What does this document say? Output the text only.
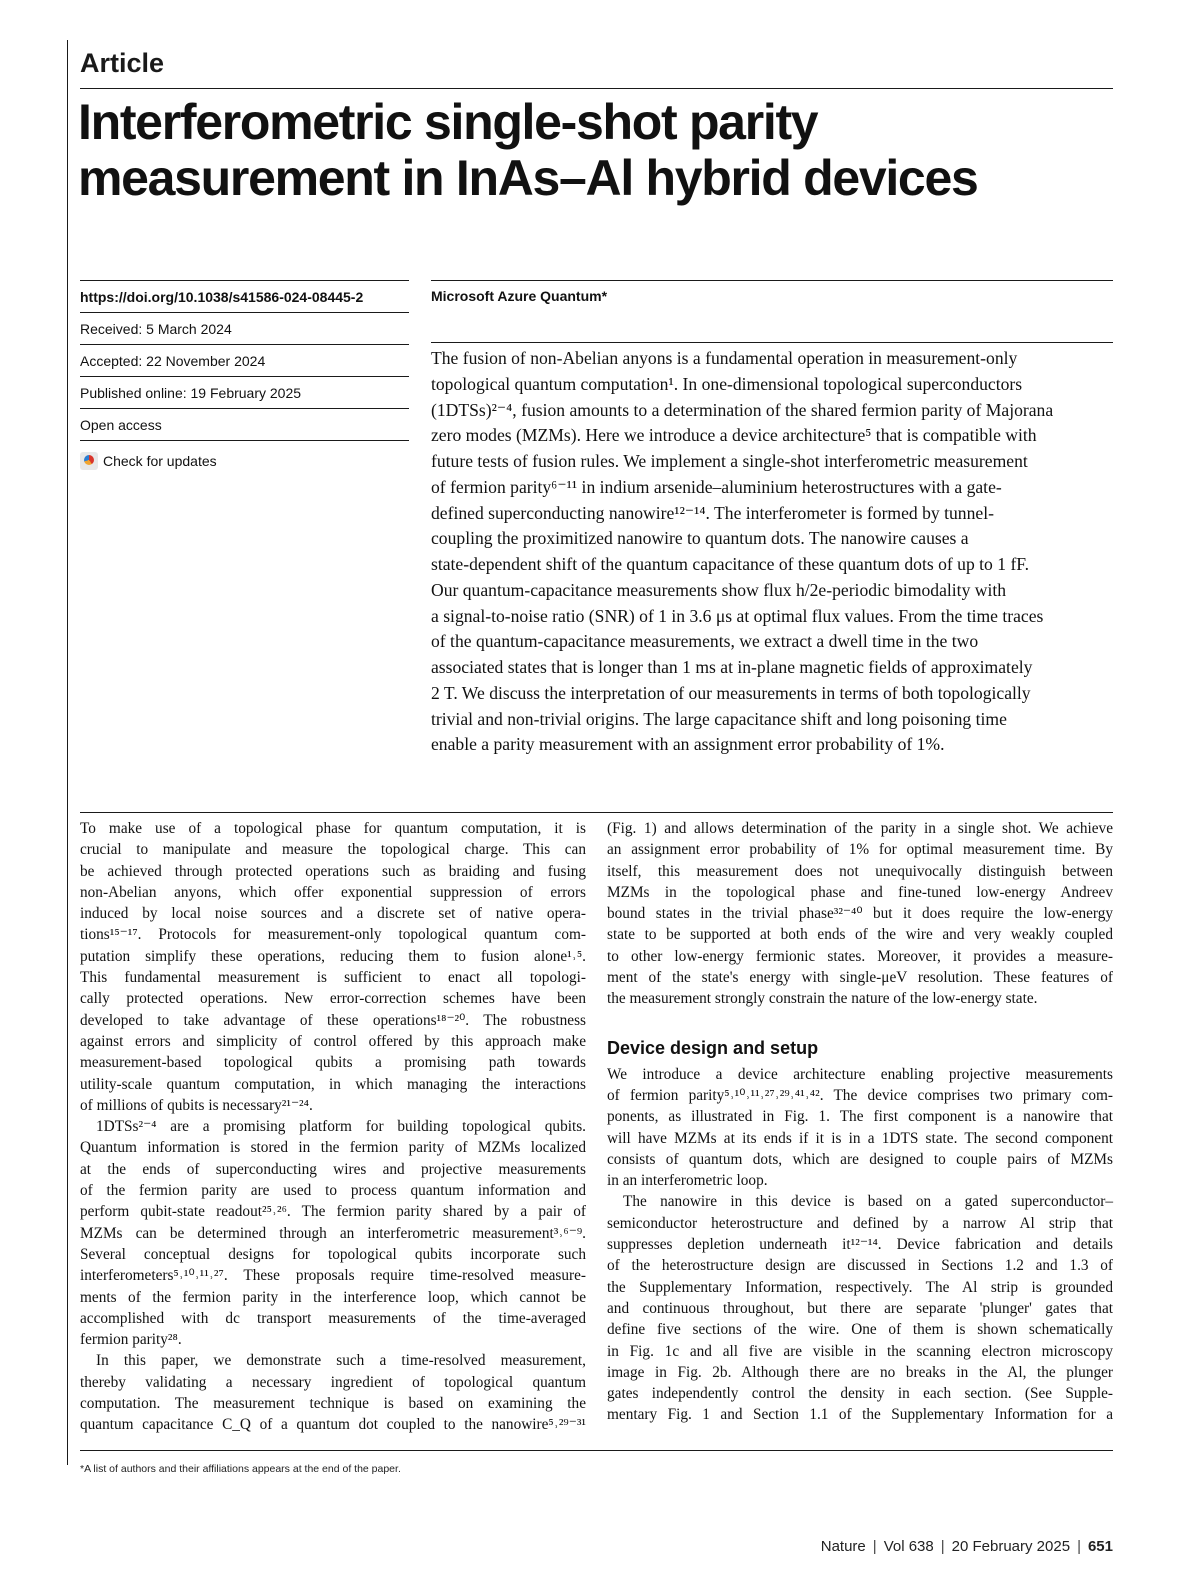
Article
Interferometric single-shot parity
measurement in InAs–Al hybrid devices
https://doi.org/10.1038/s41586-024-08445-2
Received: 5 March 2024
Accepted: 22 November 2024
Published online: 19 February 2025
Open access
Check for updates
Microsoft Azure Quantum*
The fusion of non-Abelian anyons is a fundamental operation in measurement-only
topological quantum computation¹. In one-dimensional topological superconductors
(1DTSs)²⁻⁴, fusion amounts to a determination of the shared fermion parity of Majorana
zero modes (MZMs). Here we introduce a device architecture⁵ that is compatible with
future tests of fusion rules. We implement a single-shot interferometric measurement
of fermion parity⁶⁻¹¹ in indium arsenide–aluminium heterostructures with a gate-
defined superconducting nanowire¹²⁻¹⁴. The interferometer is formed by tunnel-
coupling the proximitized nanowire to quantum dots. The nanowire causes a
state-dependent shift of the quantum capacitance of these quantum dots of up to 1 fF.
Our quantum-capacitance measurements show flux h/2e-periodic bimodality with
a signal-to-noise ratio (SNR) of 1 in 3.6 μs at optimal flux values. From the time traces
of the quantum-capacitance measurements, we extract a dwell time in the two
associated states that is longer than 1 ms at in-plane magnetic fields of approximately
2 T. We discuss the interpretation of our measurements in terms of both topologically
trivial and non-trivial origins. The large capacitance shift and long poisoning time
enable a parity measurement with an assignment error probability of 1%.
To make use of a topological phase for quantum computation, it is
crucial to manipulate and measure the topological charge. This can
be achieved through protected operations such as braiding and fusing
non-Abelian anyons, which offer exponential suppression of errors
induced by local noise sources and a discrete set of native opera-
tions¹⁵⁻¹⁷. Protocols for measurement-only topological quantum com-
putation simplify these operations, reducing them to fusion alone¹˒⁵.
This fundamental measurement is sufficient to enact all topologi-
cally protected operations. New error-correction schemes have been
developed to take advantage of these operations¹⁸⁻²⁰. The robustness
against errors and simplicity of control offered by this approach make
measurement-based topological qubits a promising path towards
utility-scale quantum computation, in which managing the interactions
of millions of qubits is necessary²¹⁻²⁴.
1DTSs²⁻⁴ are a promising platform for building topological qubits.
Quantum information is stored in the fermion parity of MZMs localized
at the ends of superconducting wires and projective measurements
of the fermion parity are used to process quantum information and
perform qubit-state readout²⁵˒²⁶. The fermion parity shared by a pair of
MZMs can be determined through an interferometric measurement³˒⁶⁻⁹.
Several conceptual designs for topological qubits incorporate such
interferometers⁵˒¹⁰˒¹¹˒²⁷. These proposals require time-resolved measure-
ments of the fermion parity in the interference loop, which cannot be
accomplished with dc transport measurements of the time-averaged
fermion parity²⁸.
In this paper, we demonstrate such a time-resolved measurement,
thereby validating a necessary ingredient of topological quantum
computation. The measurement technique is based on examining the
quantum capacitance C_Q of a quantum dot coupled to the nanowire⁵˒²⁹⁻³¹
(Fig. 1) and allows determination of the parity in a single shot. We achieve
an assignment error probability of 1% for optimal measurement time. By
itself, this measurement does not unequivocally distinguish between
MZMs in the topological phase and fine-tuned low-energy Andreev
bound states in the trivial phase³²⁻⁴⁰ but it does require the low-energy
state to be supported at both ends of the wire and very weakly coupled
to other low-energy fermionic states. Moreover, it provides a measure-
ment of the state's energy with single-μeV resolution. These features of
the measurement strongly constrain the nature of the low-energy state.
Device design and setup
We introduce a device architecture enabling projective measurements
of fermion parity⁵˒¹⁰˒¹¹˒²⁷˒²⁹˒⁴¹˒⁴². The device comprises two primary com-
ponents, as illustrated in Fig. 1. The first component is a nanowire that
will have MZMs at its ends if it is in a 1DTS state. The second component
consists of quantum dots, which are designed to couple pairs of MZMs
in an interferometric loop.
The nanowire in this device is based on a gated superconductor–
semiconductor heterostructure and defined by a narrow Al strip that
suppresses depletion underneath it¹²⁻¹⁴. Device fabrication and details
of the heterostructure design are discussed in Sections 1.2 and 1.3 of
the Supplementary Information, respectively. The Al strip is grounded
and continuous throughout, but there are separate 'plunger' gates that
define five sections of the wire. One of them is shown schematically
in Fig. 1c and all five are visible in the scanning electron microscopy
image in Fig. 2b. Although there are no breaks in the Al, the plunger
gates independently control the density in each section. (See Supple-
mentary Fig. 1 and Section 1.1 of the Supplementary Information for a
*A list of authors and their affiliations appears at the end of the paper.
Nature | Vol 638 | 20 February 2025 | 651
